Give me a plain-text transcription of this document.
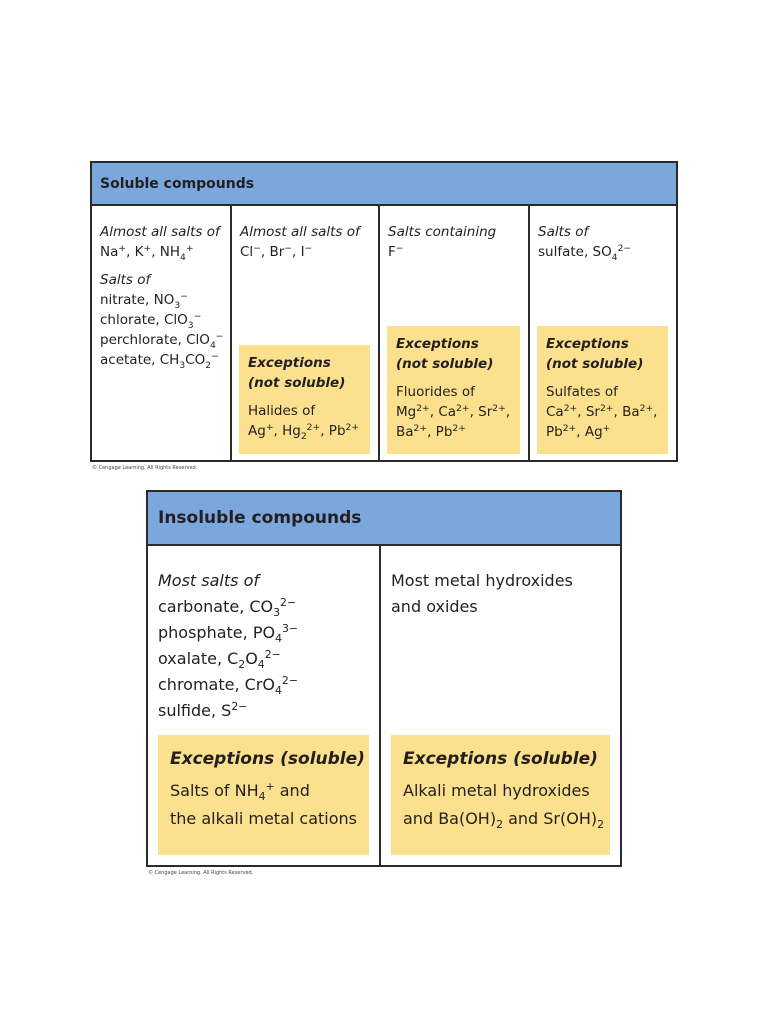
Soluble compounds
Almost all salts of
Na+, K+, $NH_4^+$
Salts of
nitrate, $NO_3^-$
chlorate, ClO$_3$−
perchlorate, ClO$_4$−
acetate, $CH_3CO_2^-$
Almost all salts of
Cl−, Br−, I−
Exceptions
(not soluble)
Halides of
Ag+, $Hg_2^{2+}$, $Pb^{2+}$
Salts containing
F−
Exceptions
(not soluble)
Fluorides of
$Mg^{2+}$, $Ca^{2+}$, $Sr^{2+}$,
$Ba^{2+}$, $Pb^{2+}$
Salts of
sulfate, $SO_4^{2-}$
Exceptions
(not soluble)
Sulfates of
$Ca^{2+}$, $Sr^{2+}$, $Ba^{2+}$,
$Pb^{2+}$, Ag+
© Cengage Learning. All Rights Reserved.
Insoluble compounds
Most salts of
carbonate, $CO_3^{2-}$
phosphate, $PO_4^{3-}$
oxalate, $C_2O_4^{2-}$
chromate, CrO$_4^{2-}$
sulfide, $S^{2-}$
Exceptions (soluble)
Salts of $NH_4^+$ and
the alkali metal cations
Most metal hydroxides
and oxides
Exceptions (soluble)
Alkali metal hydroxides
and $Ba(OH)_2$ and $Sr(OH)_2$
© Cengage Learning. All Rights Reserved.
